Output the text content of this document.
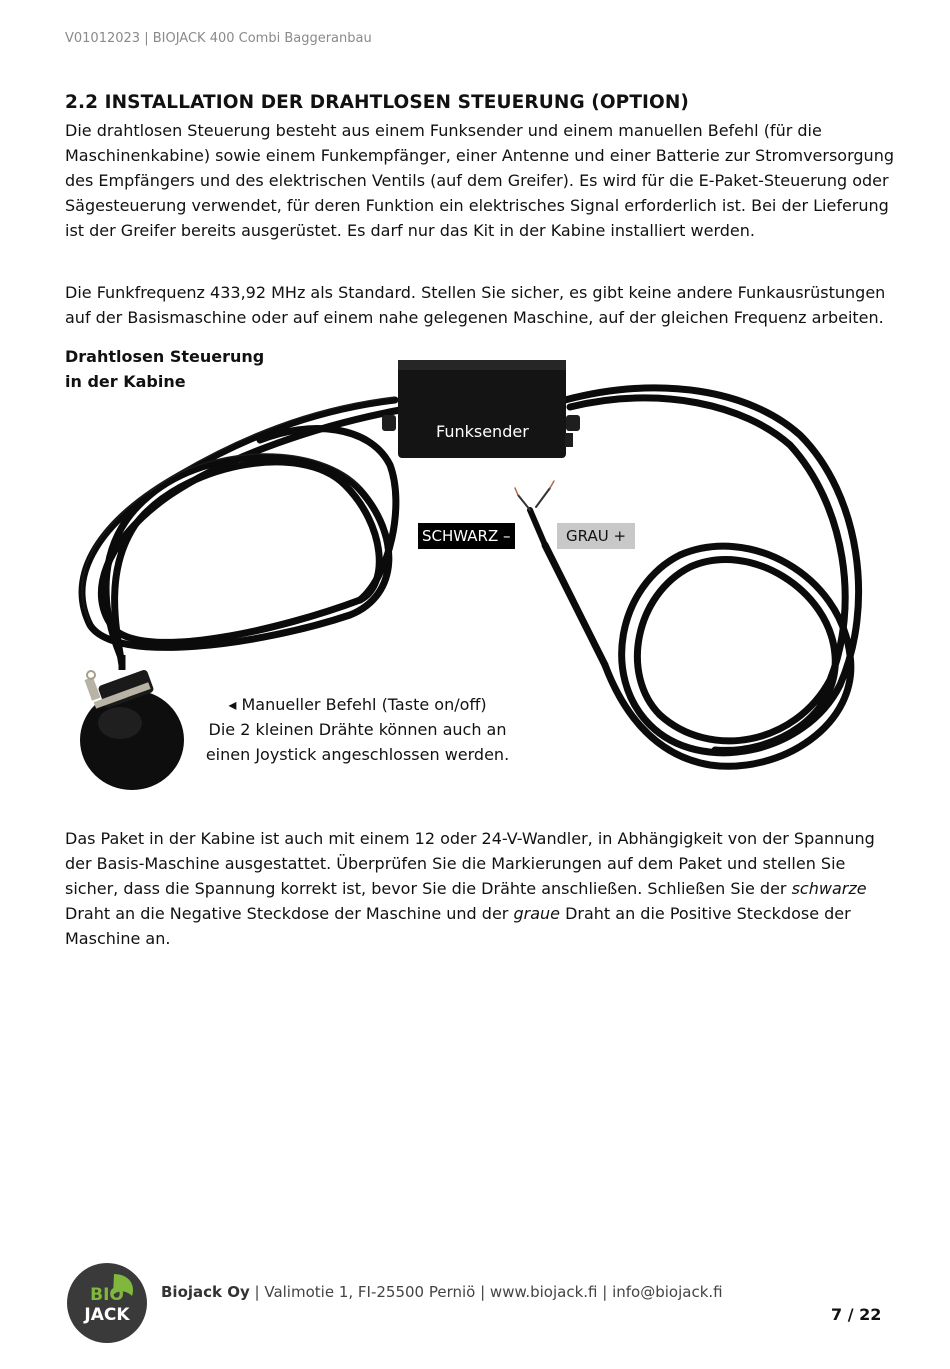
V01012023 | BIOJACK 400 Combi Baggeranbau
2.2 INSTALLATION DER DRAHTLOSEN STEUERUNG (OPTION)

Die drahtlosen Steuerung besteht aus einem Funksender und einem manuellen Befehl (für die Maschinenkabine) sowie einem Funkempfänger, einer Antenne und einer Batterie zur Stromversorgung des Empfängers und des elektrischen Ventils (auf dem Greifer). Es wird für die E-Paket-Steuerung oder Sägesteuerung verwendet, für deren Funktion ein elektrisches Signal erforderlich ist. Bei der Lieferung ist der Greifer bereits ausgerüstet. Es darf nur das Kit in der Kabine installiert werden.

Die Funkfrequenz 433,92 MHz als Standard. Stellen Sie sicher, es gibt keine andere Funkausrüstungen auf der Basismaschine oder auf einem nahe gelegenen Maschine, auf der gleichen Frequenz arbeiten.

Drahtlosen Steuerung
in der Kabine
Funksender
SCHWARZ –	GRAU +
◂ Manueller Befehl (Taste on/off)
Die 2 kleinen Drähte können auch an
einen Joystick angeschlossen werden.

Das Paket in der Kabine ist auch mit einem 12 oder 24-V-Wandler, in Abhängigkeit von der Spannung der Basis-Maschine ausgestattet. Überprüfen Sie die Markierungen auf dem Paket und stellen Sie sicher, dass die Spannung korrekt ist, bevor Sie die Drähte anschließen. Schließen Sie der schwarze Draht an die Negative Steckdose der Maschine und der graue Draht an die Positive Steckdose der Maschine an.

BIO
JACK
Biojack Oy | Valimotie 1, FI-25500 Perniö | www.biojack.fi | info@biojack.fi
7 / 22
